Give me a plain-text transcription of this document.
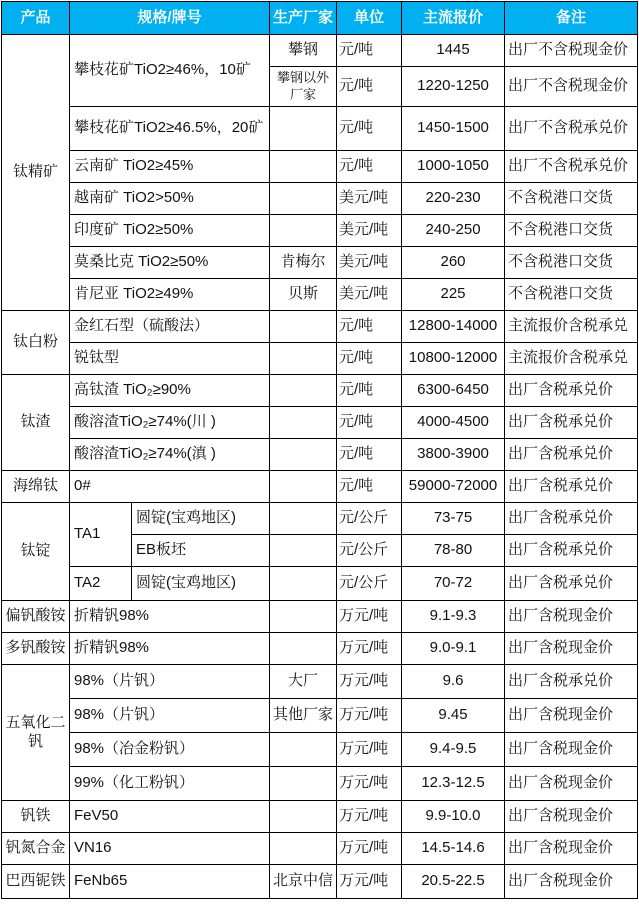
产品	规格/牌号		生产厂家	单位	主流报价	备注
钛精矿	攀枝花矿TiO2≥46%，10矿		攀钢	元/吨	1445	出厂不含税现金价
			攀钢以外厂家	元/吨	1220-1250	出厂不含税现金价
	攀枝花矿TiO2≥46.5%，20矿			元/吨	1450-1500	出厂不含税承兑价
	云南矿 TiO2≥45%			元/吨	1000-1050	出厂不含税承兑价
	越南矿 TiO2>50%			美元/吨	220-230	不含税港口交货
	印度矿 TiO2≥50%			美元/吨	240-250	不含税港口交货
	莫桑比克 TiO2≥50%		肯梅尔	美元/吨	260	不含税港口交货
	肯尼亚 TiO2≥49%		贝斯	美元/吨	225	不含税港口交货
钛白粉	金红石型（硫酸法）			元/吨	12800-14000	主流报价含税承兑
	锐钛型			元/吨	10800-12000	主流报价含税承兑
钛渣	高钛渣 TiO₂≥90%			元/吨	6300-6450	出厂含税承兑价
	酸溶渣TiO₂≥74%(川 )			元/吨	4000-4500	出厂含税承兑价
	酸溶渣TiO₂≥74%(滇 )			元/吨	3800-3900	出厂含税承兑价
海绵钛	0#			元/吨	59000-72000	出厂含税承兑价
钛锭	TA1	圆锭(宝鸡地区)		元/公斤	73-75	出厂含税承兑价
		EB板坯		元/公斤	78-80	出厂含税承兑价
	TA2	圆锭(宝鸡地区)		元/公斤	70-72	出厂含税承兑价
偏钒酸铵	折精钒98%			万元/吨	9.1-9.3	出厂含税现金价
多钒酸铵	折精钒98%			万元/吨	9.0-9.1	出厂含税现金价
五氧化二钒	98%（片钒）		大厂	万元/吨	9.6	出厂含税承兑价
	98%（片钒）		其他厂家	万元/吨	9.45	出厂含税现金价
	98%（冶金粉钒）			万元/吨	9.4-9.5	出厂含税现金价
	99%（化工粉钒）			万元/吨	12.3-12.5	出厂含税现金价
钒铁	FeV50			万元/吨	9.9-10.0	出厂含税现金价
钒氮合金	VN16			万元/吨	14.5-14.6	出厂含税现金价
巴西铌铁	FeNb65		北京中信	万元/吨	20.5-22.5	出厂含税现金价
